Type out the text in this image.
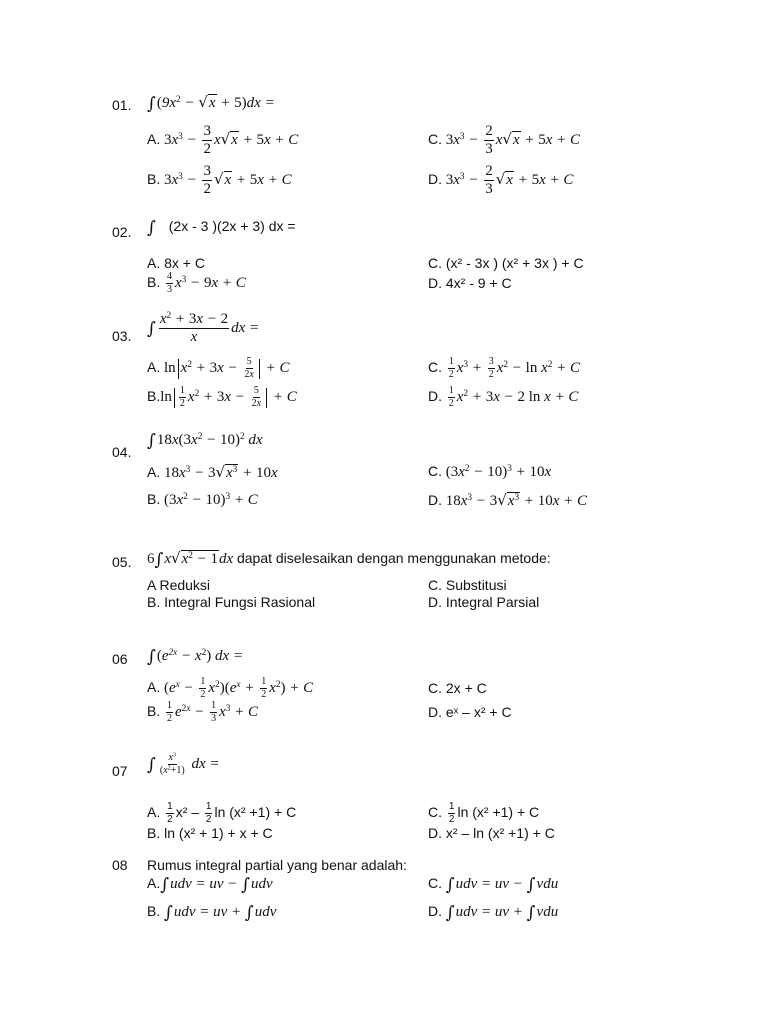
01. $\int(9x^2 - √x + 5)dx$ =
A. $3x^3 - \frac{3}{2} x√x + 5x + C$	C. $3x^3 - \frac{2}{3} x√x + 5x + C$
B. $3x^3 - \frac{3}{2} √x + 5x + C$	D. $3x^3 - \frac{2}{3} √x + 5x + C$
02. ∫ (2x - 3 )(2x + 3) dx =
A. 8x + C	C. (x² - 3x ) (x² + 3x ) + C
B. $\frac{4}{3} x^3 - 9x + C$	D. 4x² - 9 + C
03. ∫ $\frac{x^2 + 3x - 2}{x}$ dx =
A. $\ln x^2 + 3x - \frac{5}{2x} + C$	C. $\frac{1}{2} x^3 + \frac{3}{2} x^2 - \ln x^2 + C$
$B.\ln \frac{1}{2} x^2 + 3x - \frac{5}{2x} + C$	D. $\frac{1}{2} x^2 + 3x - 2$ ln x + C
04.
$\int 18x(3x^2 - 10)^2$ dx
A. $18x^3 - 3√x^3 + 10x$	C. $(3x^2 - 10)^3 + 10x$
B. $(3x^2 - 10)^3 + C$	D. $18x^3 - 3√x^3 + 10x + C$
05. $6\int x√x^2 - 1dx$ dapat diselesaikan dengan menggunakan metode:
A Reduksi	C. Substitusi
B. Integral Fungsi Rasional	D. Integral Parsial
06 $\int(e^{2x} - x^2)$ dx =
A. $(e^x - \frac{1}{2} x^2)(e^x + \frac{1}{2} x^2) + C$	C. 2x + C
B. $\frac{1}{2} e^{2x} - \frac{1}{3} x^3 + C$	D. eˣ – x² + C
07 ∫ $\frac{x^3}{(x^2+1)}$ dx =
A. $\frac{1}{2} x^2 - \frac{1}{2}$ ln (x² +1) + C	C. $\frac{1}{2}$ ln (x² +1) + C
B. ln (x² + 1) + x + C	D. x² – ln (x² +1) + C
08 Rumus integral partial yang benar adalah:
A.∫udv = uv − ∫udv	C. ∫udv = uv − ∫vdu
B. ∫udv = uv + ∫udv	D. ∫udv = uv + ∫vdu
